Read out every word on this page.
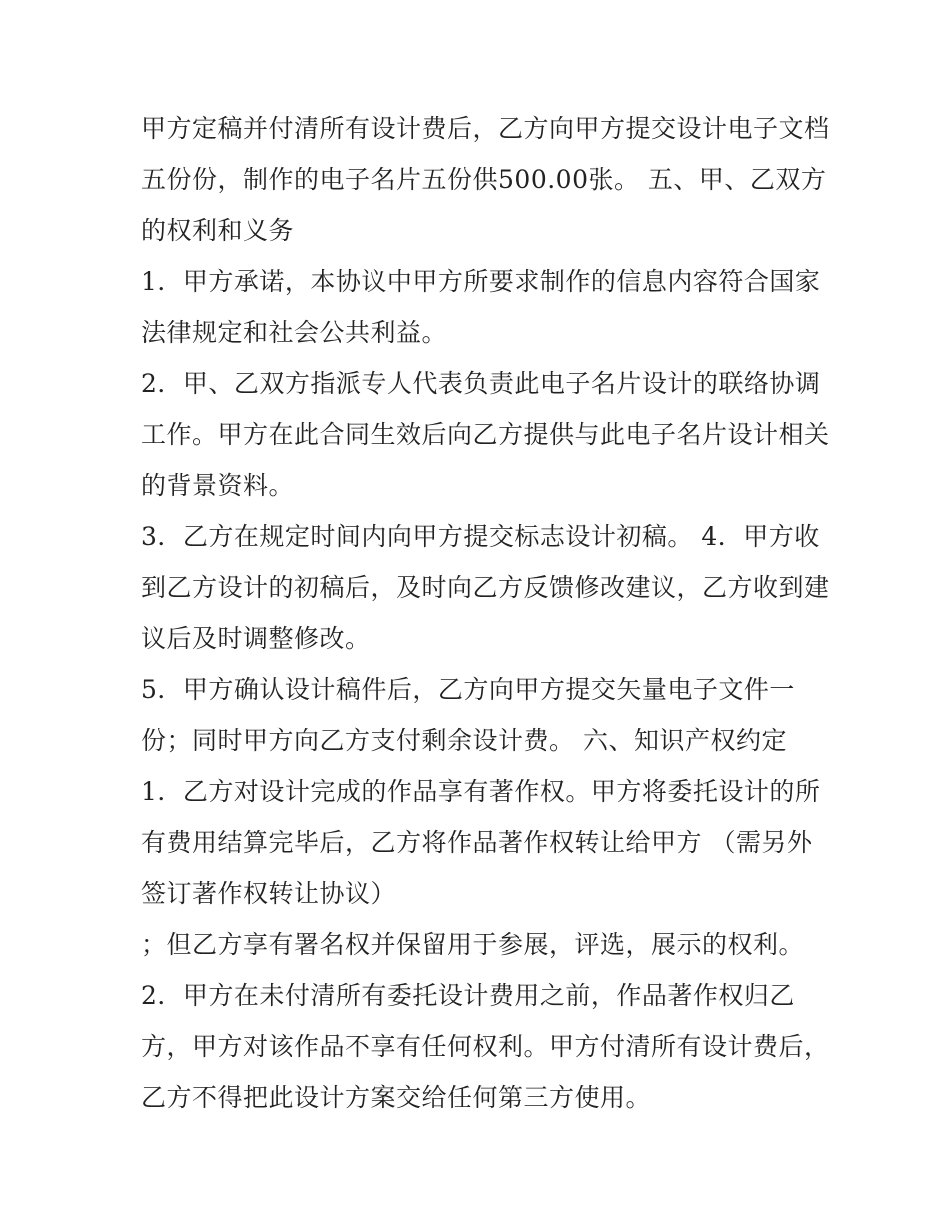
甲方定稿并付清所有设计费后，乙方向甲方提交设计电子文档
五份份，制作的电子名片五份供500.00张。 五、甲、乙双方
的权利和义务
1．甲方承诺，本协议中甲方所要求制作的信息内容符合国家
法律规定和社会公共利益。
2．甲、乙双方指派专人代表负责此电子名片设计的联络协调
工作。甲方在此合同生效后向乙方提供与此电子名片设计相关
的背景资料。
3．乙方在规定时间内向甲方提交标志设计初稿。 4．甲方收
到乙方设计的初稿后，及时向乙方反馈修改建议，乙方收到建
议后及时调整修改。
5．甲方确认设计稿件后，乙方向甲方提交矢量电子文件一
份；同时甲方向乙方支付剩余设计费。 六、知识产权约定
1．乙方对设计完成的作品享有著作权。甲方将委托设计的所
有费用结算完毕后，乙方将作品著作权转让给甲方 （需另外
签订著作权转让协议）
；但乙方享有署名权并保留用于参展，评选，展示的权利。
2．甲方在未付清所有委托设计费用之前，作品著作权归乙
方，甲方对该作品不享有任何权利。甲方付清所有设计费后，
乙方不得把此设计方案交给任何第三方使用。
